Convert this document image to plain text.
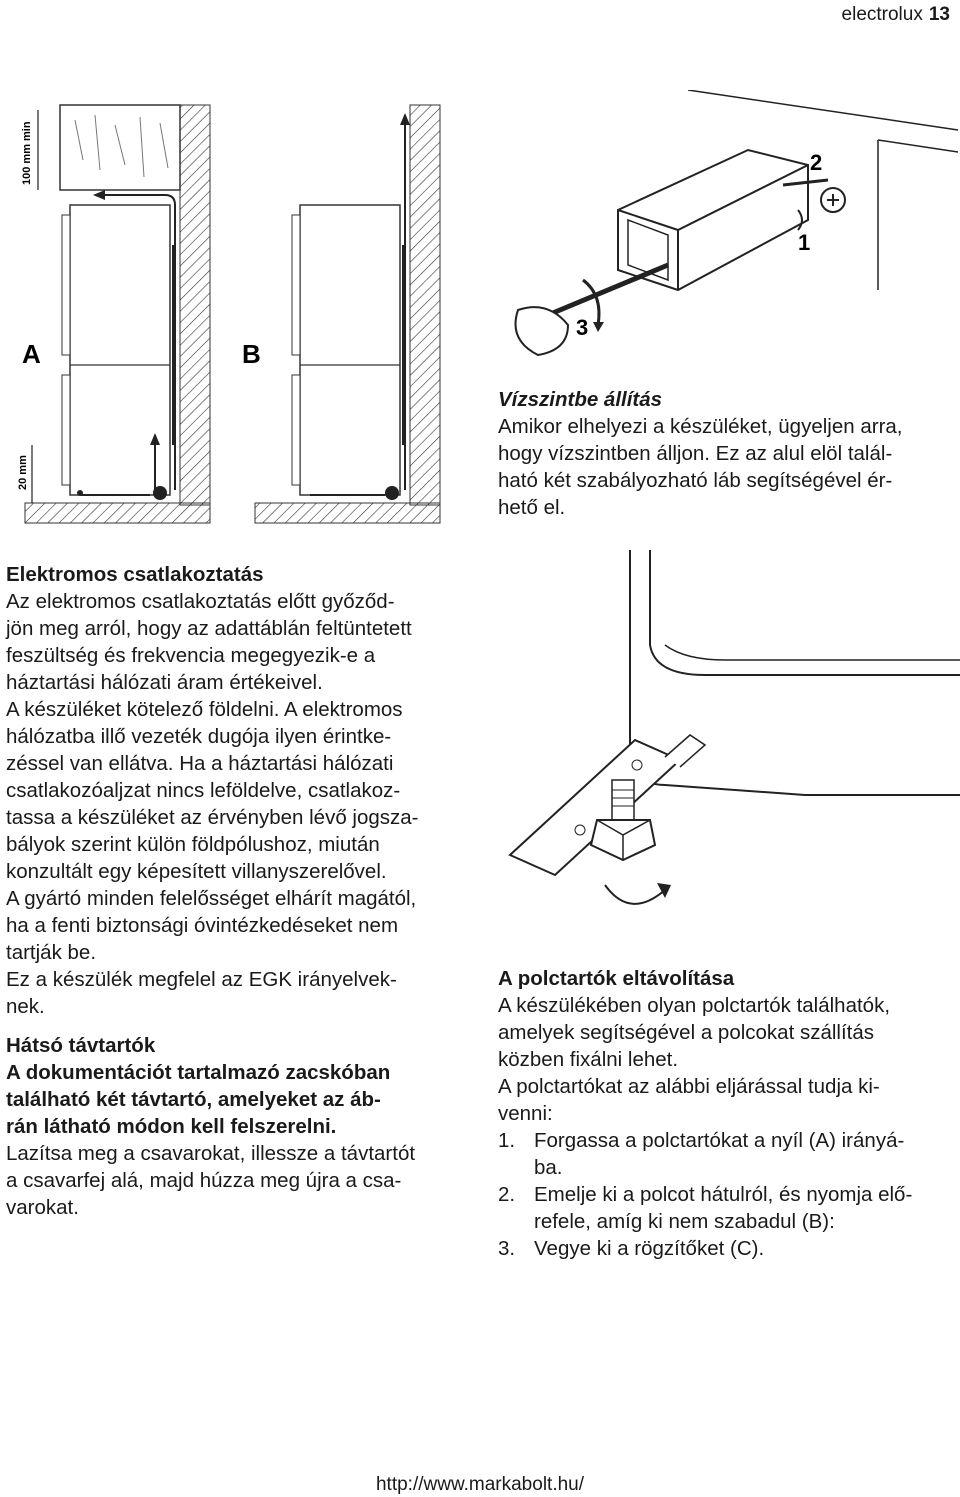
electrolux 13
100 mm min
20 mm
A	B
2
1
3
Vízszintbe állítás

Amikor elhelyezi a készüléket, ügyeljen arra,

hogy vízszintben álljon. Ez az alul elöl talál-

ható két szabályozható láb segítségével ér-

hető el.

Elektromos csatlakoztatás

Az elektromos csatlakoztatás előtt győződ-

jön meg arról, hogy az adattáblán feltüntetett

feszültség és frekvencia megegyezik-e a

háztartási hálózati áram értékeivel.

A készüléket kötelező földelni. A elektromos

hálózatba illő vezeték dugója ilyen érintke-

zéssel van ellátva. Ha a háztartási hálózati

csatlakozóaljzat nincs leföldelve, csatlakoz-

tassa a készüléket az érvényben lévő jogsza-

bályok szerint külön földpólushoz, miután

konzultált egy képesített villanyszerelővel.

A gyártó minden felelősséget elhárít magától,

ha a fenti biztonsági óvintézkedéseket nem

tartják be.

Ez a készülék megfelel az EGK irányelvek-

nek.

Hátsó távtartók

A dokumentációt tartalmazó zacskóban

található két távtartó, amelyeket az áb-

rán látható módon kell felszerelni.

Lazítsa meg a csavarokat, illessze a távtartót

a csavarfej alá, majd húzza meg újra a csa-

varokat.

A polctartók eltávolítása

A készülékében olyan polctartók találhatók,

amelyek segítségével a polcokat szállítás

közben fixálni lehet.

A polctartókat az alábbi eljárással tudja ki-

venni:

1. Forgassa a polctartókat a nyíl (A) irányá-

ba.

2. Emelje ki a polcot hátulról, és nyomja elő-

refele, amíg ki nem szabadul (B):

3. Vegye ki a rögzítőket (C).

http://www.markabolt.hu/
